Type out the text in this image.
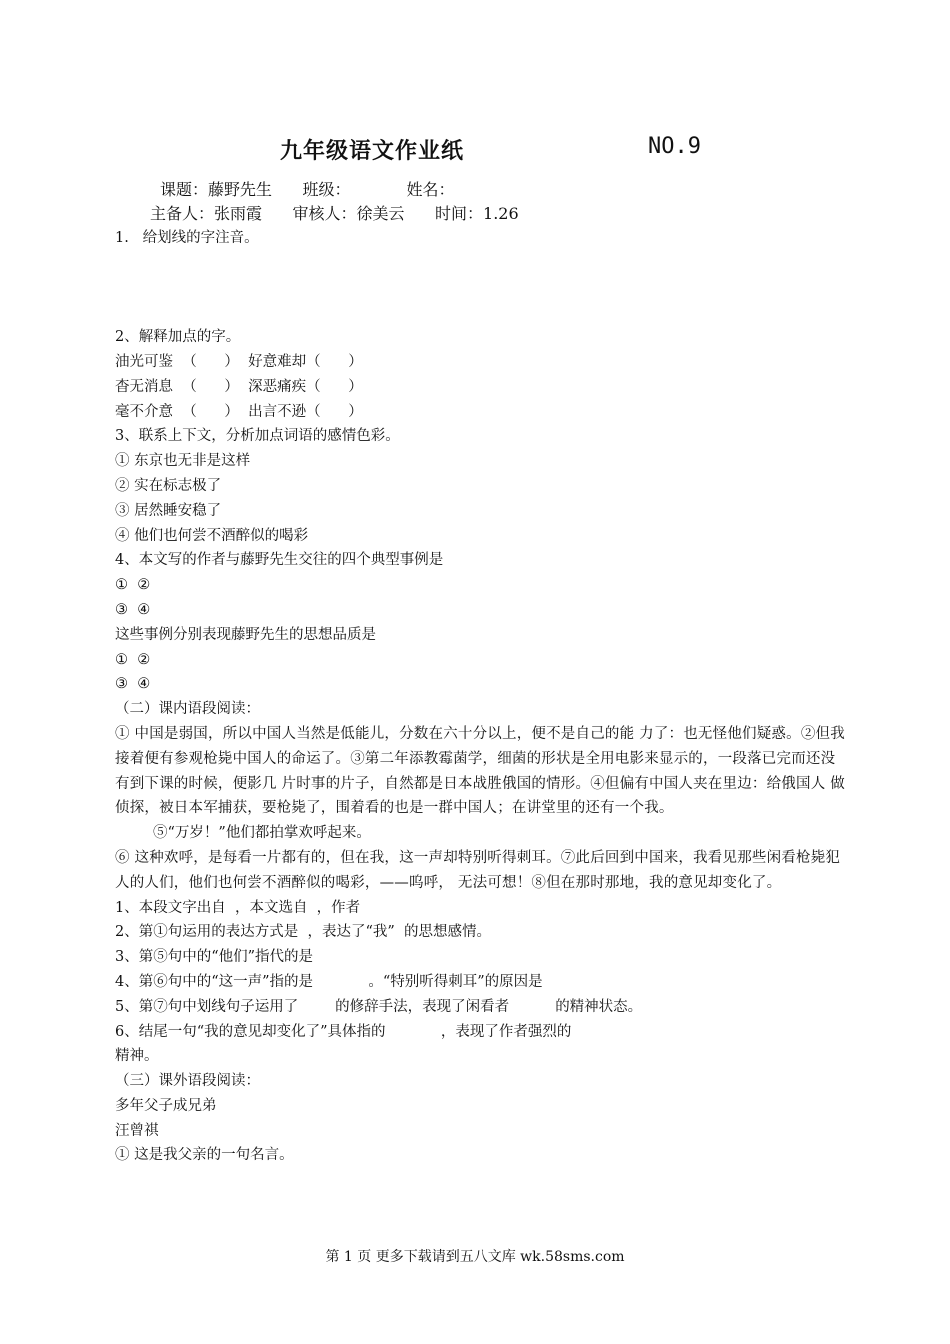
九年级语文作业纸	NO.9
课题：藤野先生      班级：           姓名：
主备人：张雨霞      审核人：徐美云      时间：1.26
1.   给划线的字注音。

2、解释加点的字。
油光可鉴  （      ）  好意难却（      ）
杳无消息  （      ）  深恶痛疾（      ）
毫不介意  （      ）  出言不逊（      ）
3、联系上下文，分析加点词语的感情色彩。
① 东京也无非是这样
② 实在标志极了
③ 居然睡安稳了
④ 他们也何尝不酒醉似的喝彩
4、本文写的作者与藤野先生交往的四个典型事例是
①  ②
③  ④
这些事例分别表现藤野先生的思想品质是
①  ②
③  ④
（二）课内语段阅读：
① 中国是弱国，所以中国人当然是低能儿，分数在六十分以上，便不是自己的能 力了：也无怪他们疑惑。②但我接着便有参观枪毙中国人的命运了。③第二年添教霉菌学，细菌的形状是全用电影来显示的，一段落已完而还没有到下课的时候，便影几 片时事的片子，自然都是日本战胜俄国的情形。④但偏有中国人夹在里边：给俄国人 做侦探，被日本军捕获，要枪毙了，围着看的也是一群中国人；在讲堂里的还有一个我。
⑤“万岁！”他们都拍掌欢呼起来。
⑥ 这种欢呼，是每看一片都有的，但在我，这一声却特别听得刺耳。⑦此后回到中国来，我看见那些闲看枪毙犯人的人们，他们也何尝不酒醉似的喝彩，——呜呼， 无法可想！⑧但在那时那地，我的意见却变化了。
1、本段文字出自  ，本文选自  ，作者
2、第①句运用的表达方式是  ，表达了“我”  的思想感情。
3、第⑤句中的“他们”指代的是
4、第⑥句中的“这一声”指的是            。“特别听得刺耳”的原因是
5、第⑦句中划线句子运用了        的修辞手法，表现了闲看者          的精神状态。
6、结尾一句“我的意见却变化了”具体指的            ，表现了作者强烈的
精神。
（三）课外语段阅读：
多年父子成兄弟
汪曾祺
① 这是我父亲的一句名言。
第 1 页 更多下载请到五八文库 wk.58sms.com
